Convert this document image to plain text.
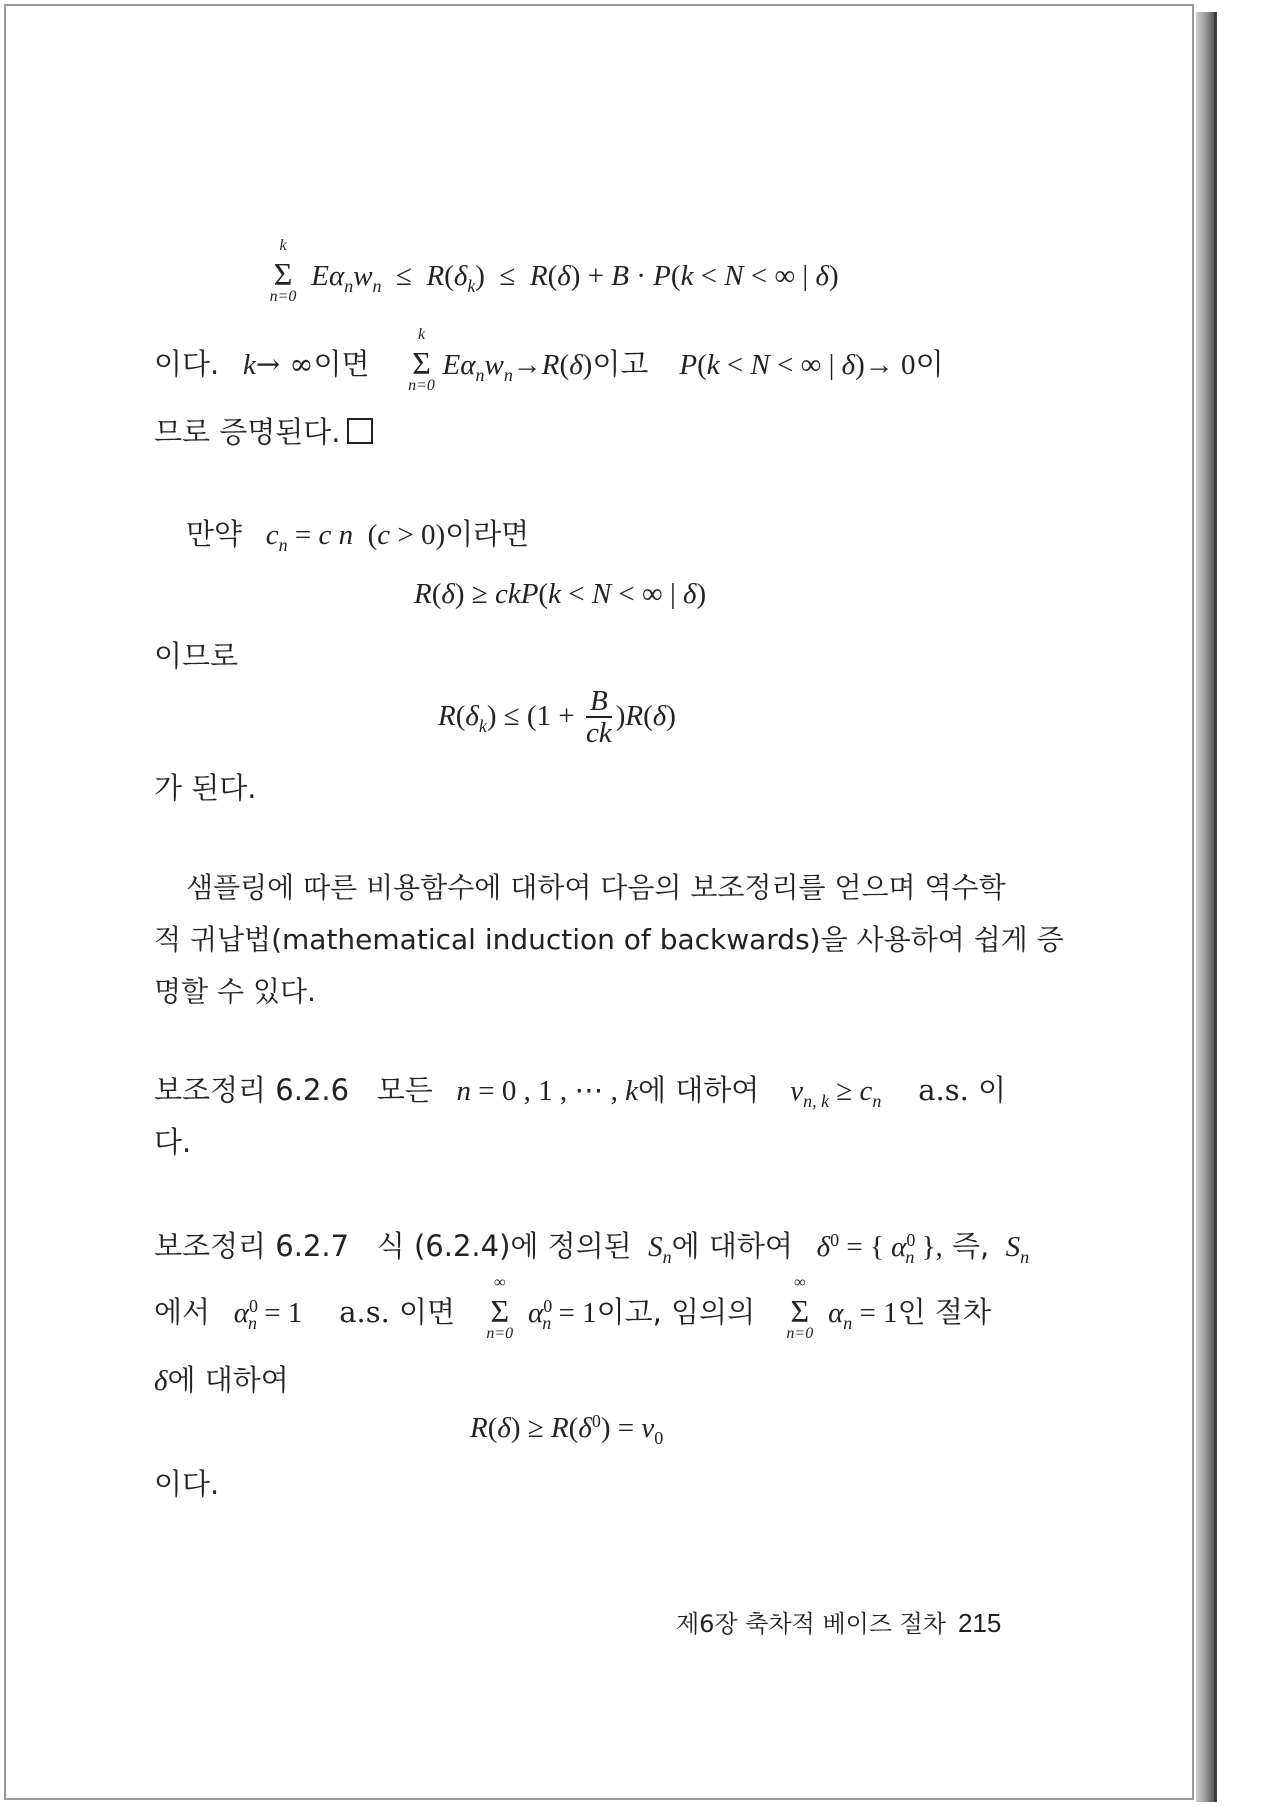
k
Σ
n=0
$E\alpha_nw_n \le R(\delta_k) \le R(\delta) + B \cdot P(k < N$ < ∞ | δ)
이다.   k→ ∞이면
k
Σ
n=0
$E\alpha_nw_n\to R(\delta)$이고    P(k < N < ∞ | δ)→ 0이
므로 증명된다.
만약   $c_n = c$ n  (c > 0)이라면
R(δ) ≥ ckP(k < N < ∞ | δ)
이므로
$R(\delta_k) \le (1 + \frac{B}{ck} )R(\delta)$
가 된다.
샘플링에 따른 비용함수에 대하여 다음의 보조정리를 얻으며 역수학
적 귀납법(mathematical induction of backwards)을 사용하여 쉽게 증
명할 수 있다.
보조정리 6.2.6 모든   n = 0 , 1 , ⋯ , k에 대하여    $v_{n, k} \ge c_n$ a.s. 이
다.
보조정리 6.2.7 식 (6.2.4)에 정의된  $S_n$에 대하여   $\delta^0$ = { $\alpha^0_n$ }, 즉,  $S_n$
에서   $\alpha^0_n = 1$ a.s. 이면
∞
Σ
n=0
$\alpha^0_n = 1$이고, 임의의
∞
Σ
n=0
$\alpha_n = 1$인 절차
δ에 대하여
$R(\delta) \ge R(\delta^0) = v_0$
이다.
제6장 축차적 베이즈 절차 215
